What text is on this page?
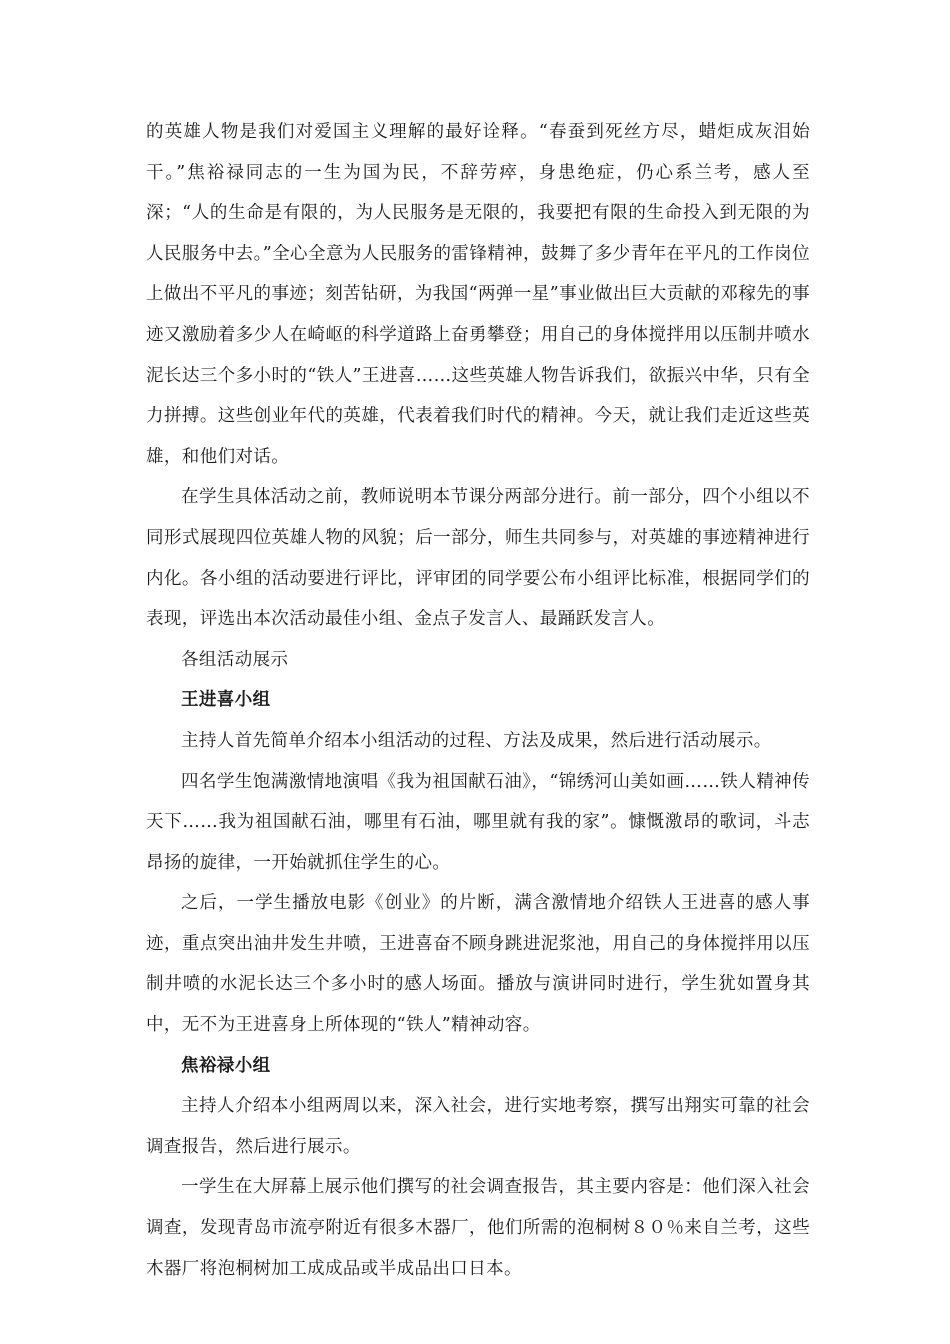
的英雄人物是我们对爱国主义理解的最好诠释。“春蚕到死丝方尽，蜡炬成灰泪始干。”焦裕禄同志的一生为国为民，不辞劳瘁，身患绝症，仍心系兰考，感人至深；“人的生命是有限的，为人民服务是无限的，我要把有限的生命投入到无限的为人民服务中去。”全心全意为人民服务的雷锋精神，鼓舞了多少青年在平凡的工作岗位上做出不平凡的事迹；刻苦钻研，为我国“两弹一星”事业做出巨大贡献的邓稼先的事迹又激励着多少人在崎岖的科学道路上奋勇攀登；用自己的身体搅拌用以压制井喷水泥长达三个多小时的“铁人”王进喜……这些英雄人物告诉我们，欲振兴中华，只有全力拼搏。这些创业年代的英雄，代表着我们时代的精神。今天，就让我们走近这些英雄，和他们对话。

在学生具体活动之前，教师说明本节课分两部分进行。前一部分，四个小组以不同形式展现四位英雄人物的风貌；后一部分，师生共同参与，对英雄的事迹精神进行内化。各小组的活动要进行评比，评审团的同学要公布小组评比标准，根据同学们的表现，评选出本次活动最佳小组、金点子发言人、最踊跃发言人。

各组活动展示

王进喜小组

主持人首先简单介绍本小组活动的过程、方法及成果，然后进行活动展示。

四名学生饱满激情地演唱《我为祖国献石油》，“锦绣河山美如画……铁人精神传天下……我为祖国献石油，哪里有石油，哪里就有我的家”。慷慨激昂的歌词，斗志昂扬的旋律，一开始就抓住学生的心。

之后，一学生播放电影《创业》的片断，满含激情地介绍铁人王进喜的感人事迹，重点突出油井发生井喷，王进喜奋不顾身跳进泥浆池，用自己的身体搅拌用以压制井喷的水泥长达三个多小时的感人场面。播放与演讲同时进行，学生犹如置身其中，无不为王进喜身上所体现的“铁人”精神动容。

焦裕禄小组

主持人介绍本小组两周以来，深入社会，进行实地考察，撰写出翔实可靠的社会调查报告，然后进行展示。

一学生在大屏幕上展示他们撰写的社会调查报告，其主要内容是：他们深入社会调查，发现青岛市流亭附近有很多木器厂，他们所需的泡桐树８０％来自兰考，这些木器厂将泡桐树加工成成品或半成品出口日本。
